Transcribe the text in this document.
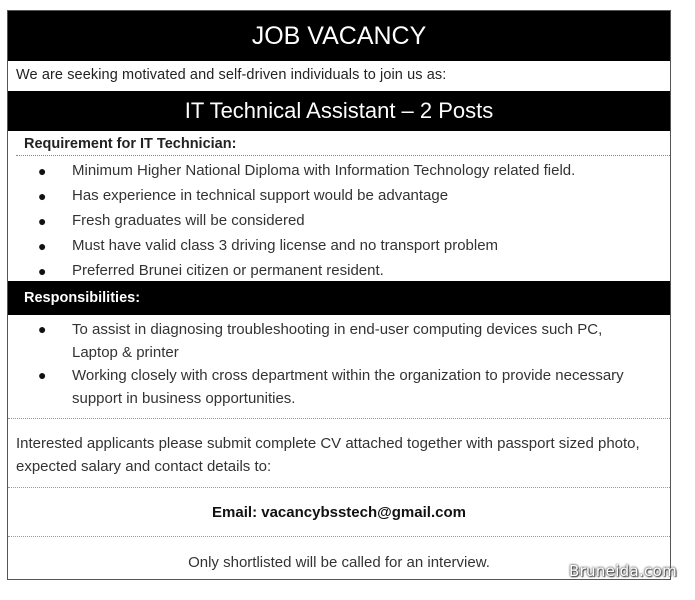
JOB VACANCY
We are seeking motivated and self-driven individuals to join us as:
IT Technical Assistant – 2 Posts
Requirement for IT Technician:
● Minimum Higher National Diploma with Information Technology related field.
● Has experience in technical support would be advantage
● Fresh graduates will be considered
● Must have valid class 3 driving license and no transport problem
● Preferred Brunei citizen or permanent resident.
Responsibilities:
● To assist in diagnosing troubleshooting in end-user computing devices such PC, Laptop & printer
● Working closely with cross department within the organization to provide necessary support in business opportunities.
Interested applicants please submit complete CV attached together with passport sized photo, expected salary and contact details to:
Email: vacancybsstech@gmail.com
Only shortlisted will be called for an interview.	Bruneida.com
